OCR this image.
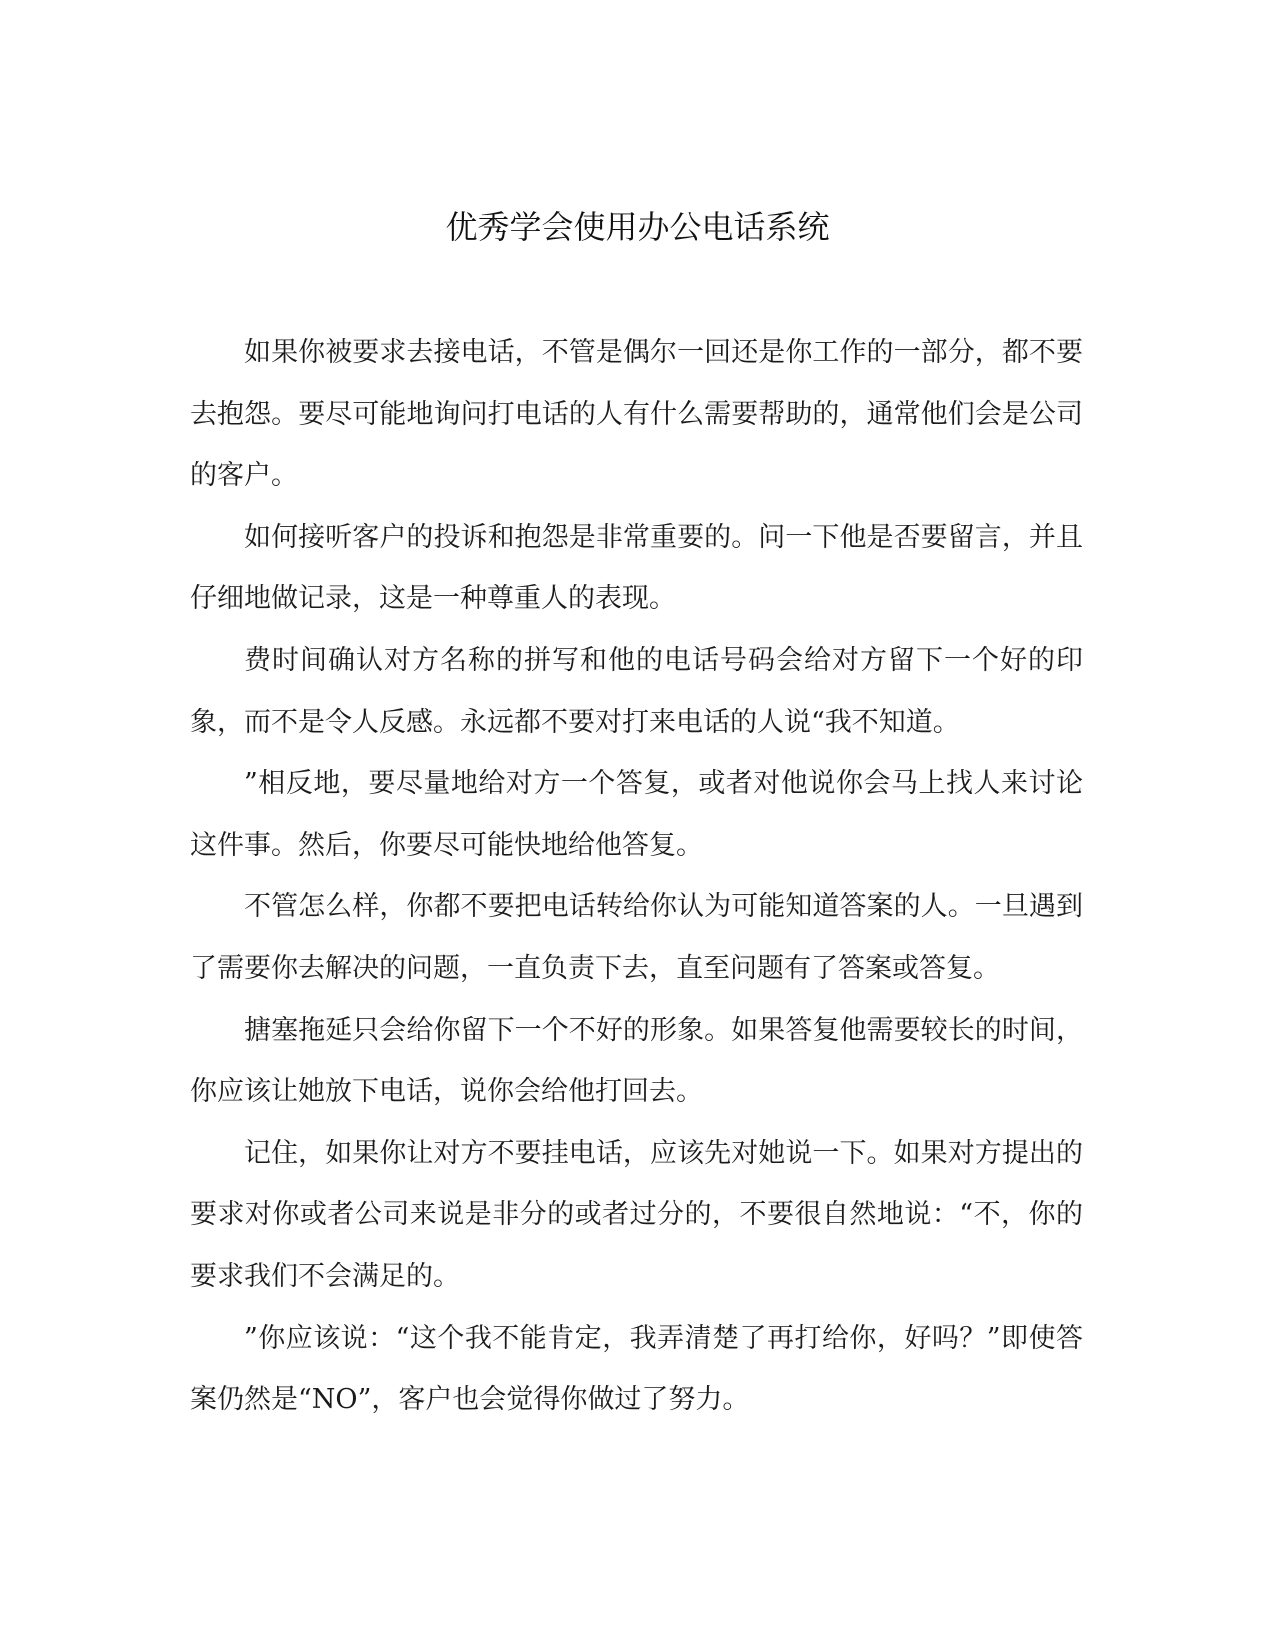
优秀学会使用办公电话系统

如果你被要求去接电话，不管是偶尔一回还是你工作的一部分，都不要去抱怨。要尽可能地询问打电话的人有什么需要帮助的，通常他们会是公司的客户。

如何接听客户的投诉和抱怨是非常重要的。问一下他是否要留言，并且仔细地做记录，这是一种尊重人的表现。

费时间确认对方名称的拼写和他的电话号码会给对方留下一个好的印象，而不是令人反感。永远都不要对打来电话的人说“我不知道。

”相反地，要尽量地给对方一个答复，或者对他说你会马上找人来讨论这件事。然后，你要尽可能快地给他答复。

不管怎么样，你都不要把电话转给你认为可能知道答案的人。一旦遇到了需要你去解决的问题，一直负责下去，直至问题有了答案或答复。

搪塞拖延只会给你留下一个不好的形象。如果答复他需要较长的时间，你应该让她放下电话，说你会给他打回去。

记住，如果你让对方不要挂电话，应该先对她说一下。如果对方提出的要求对你或者公司来说是非分的或者过分的，不要很自然地说：“不，你的要求我们不会满足的。

”你应该说：“这个我不能肯定，我弄清楚了再打给你，好吗？”即使答案仍然是“NO”，客户也会觉得你做过了努力。
